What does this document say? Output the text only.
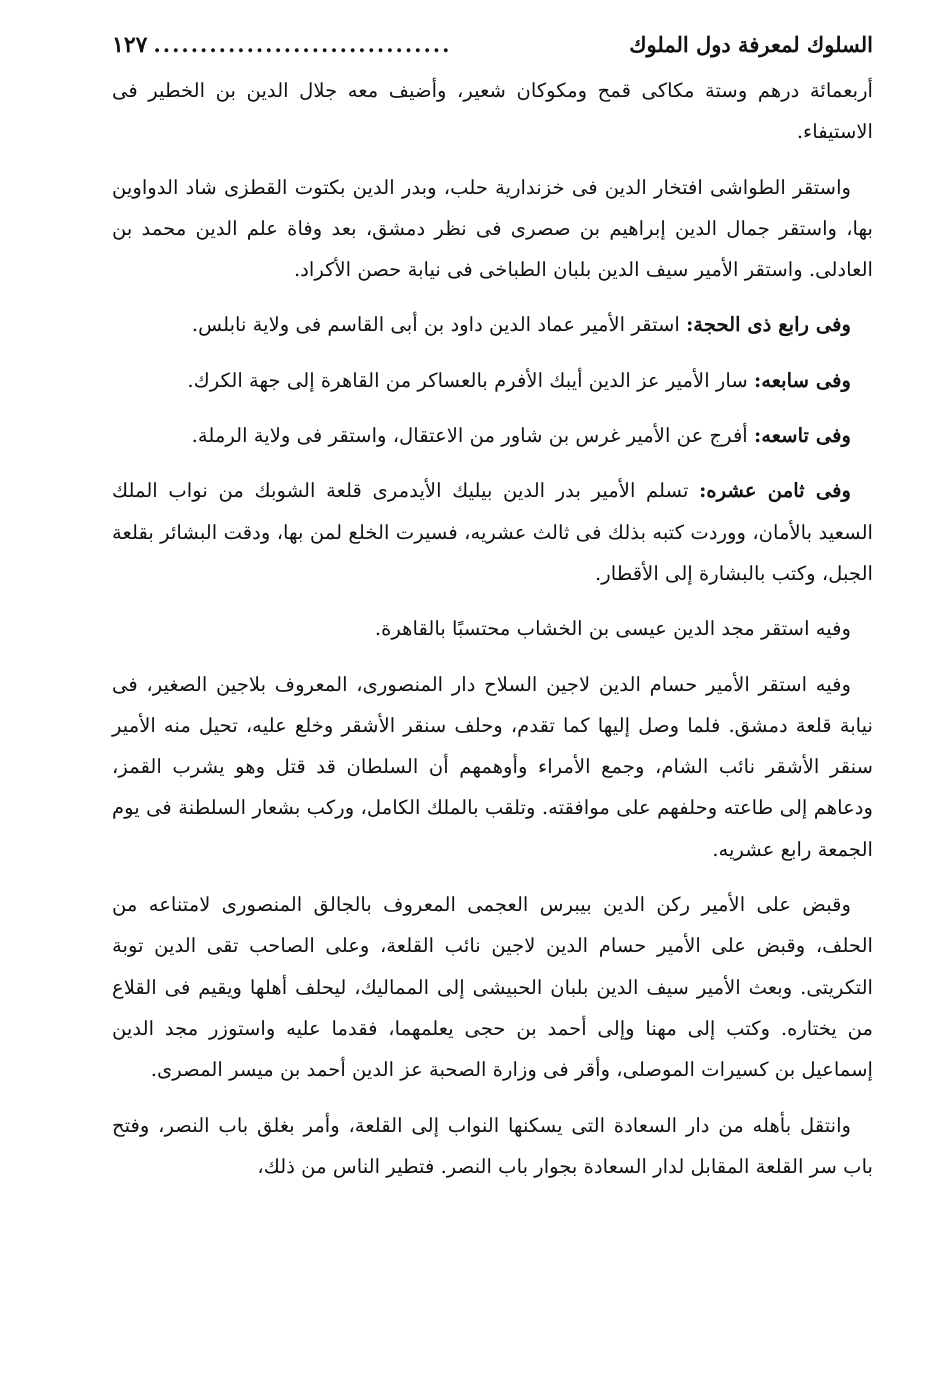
السلوك لمعرفة دول الملوك
................................
١٢٧

أربعمائة درهم وستة مكاكى قمح ومكوكان شعير، وأضيف معه جلال الدين بن الخطير فى الاستيفاء.

واستقر الطواشى افتخار الدين فى خزندارية حلب، وبدر الدين بكتوت القطزى شاد الدواوين بها، واستقر جمال الدين إبراهيم بن صصرى فى نظر دمشق، بعد وفاة علم الدين محمد بن العادلى. واستقر الأمير سيف الدين بلبان الطباخى فى نيابة حصن الأكراد.

وفى رابع ذى الحجة: استقر الأمير عماد الدين داود بن أبى القاسم فى ولاية نابلس.

وفى سابعه: سار الأمير عز الدين أيبك الأفرم بالعساكر من القاهرة إلى جهة الكرك.

وفى تاسعه: أفرج عن الأمير غرس بن شاور من الاعتقال، واستقر فى ولاية الرملة.

وفى ثامن عشره: تسلم الأمير بدر الدين بيليك الأيدمرى قلعة الشوبك من نواب الملك السعيد بالأمان، ووردت كتبه بذلك فى ثالث عشريه، فسيرت الخلع لمن بها، ودقت البشائر بقلعة الجبل، وكتب بالبشارة إلى الأقطار.

وفيه استقر مجد الدين عيسى بن الخشاب محتسبًا بالقاهرة.

وفيه استقر الأمير حسام الدين لاجين السلاح دار المنصورى، المعروف بلاجين الصغير، فى نيابة قلعة دمشق. فلما وصل إليها كما تقدم، وحلف سنقر الأشقر وخلع عليه، تحيل منه الأمير سنقر الأشقر نائب الشام، وجمع الأمراء وأوهمهم أن السلطان قد قتل وهو يشرب القمز، ودعاهم إلى طاعته وحلفهم على موافقته. وتلقب بالملك الكامل، وركب بشعار السلطنة فى يوم الجمعة رابع عشريه.

وقبض على الأمير ركن الدين بيبرس العجمى المعروف بالجالق المنصورى لامتناعه من الحلف، وقبض على الأمير حسام الدين لاجين نائب القلعة، وعلى الصاحب تقى الدين توبة التكريتى. وبعث الأمير سيف الدين بلبان الحبيشى إلى المماليك، ليحلف أهلها ويقيم فى القلاع من يختاره. وكتب إلى مهنا وإلى أحمد بن حجى يعلمهما، فقدما عليه واستوزر مجد الدين إسماعيل بن كسيرات الموصلى، وأقر فى وزارة الصحبة عز الدين أحمد بن ميسر المصرى.

وانتقل بأهله من دار السعادة التى يسكنها النواب إلى القلعة، وأمر بغلق باب النصر، وفتح باب سر القلعة المقابل لدار السعادة بجوار باب النصر. فتطير الناس من ذلك،
